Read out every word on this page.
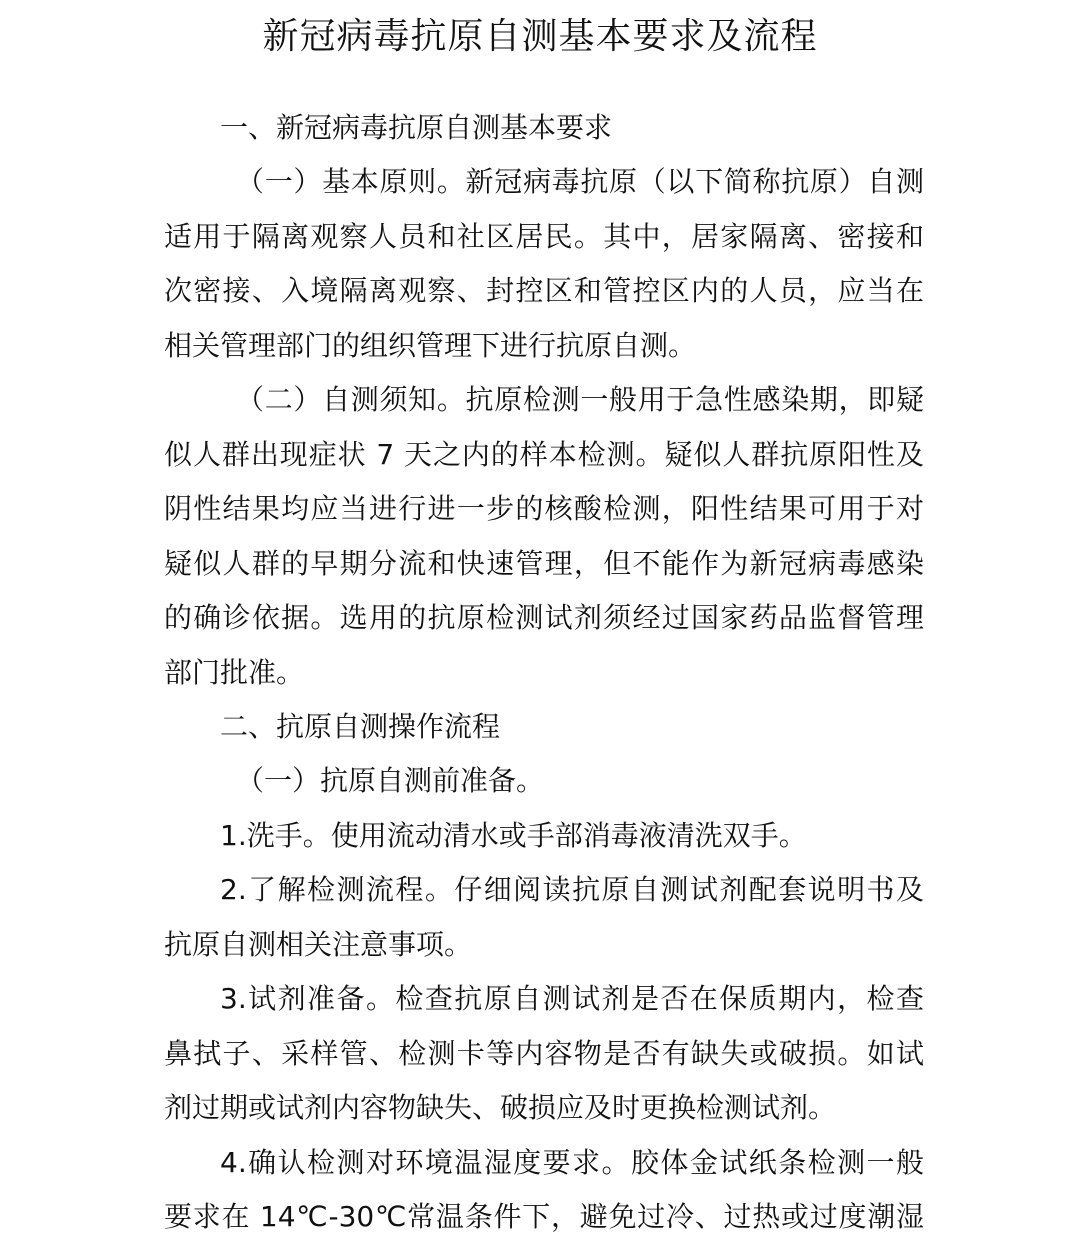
新冠病毒抗原自测基本要求及流程
一、新冠病毒抗原自测基本要求
（一）基本原则。新冠病毒抗原（以下简称抗原）自测
适用于隔离观察人员和社区居民。其中，居家隔离、密接和
次密接、入境隔离观察、封控区和管控区内的人员，应当在
相关管理部门的组织管理下进行抗原自测。
（二）自测须知。抗原检测一般用于急性感染期，即疑
似人群出现症状 7 天之内的样本检测。疑似人群抗原阳性及
阴性结果均应当进行进一步的核酸检测，阳性结果可用于对
疑似人群的早期分流和快速管理，但不能作为新冠病毒感染
的确诊依据。选用的抗原检测试剂须经过国家药品监督管理
部门批准。
二、抗原自测操作流程
（一）抗原自测前准备。
1.洗手。使用流动清水或手部消毒液清洗双手。
2.了解检测流程。仔细阅读抗原自测试剂配套说明书及
抗原自测相关注意事项。
3.试剂准备。检查抗原自测试剂是否在保质期内，检查
鼻拭子、采样管、检测卡等内容物是否有缺失或破损。如试
剂过期或试剂内容物缺失、破损应及时更换检测试剂。
4.确认检测对环境温湿度要求。胶体金试纸条检测一般
要求在 14℃-30℃常温条件下，避免过冷、过热或过度潮湿
